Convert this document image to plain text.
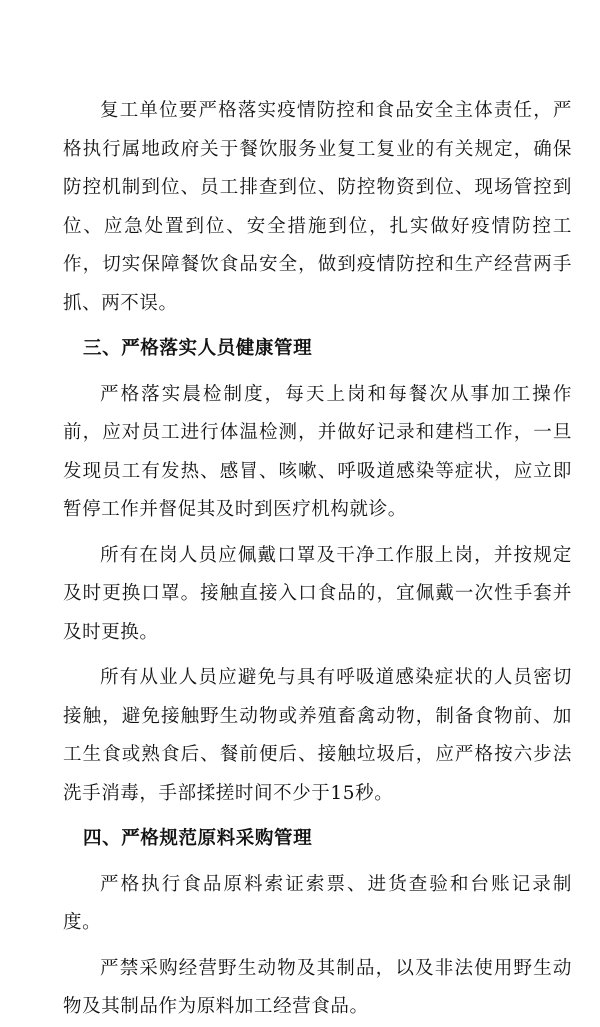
复工单位要严格落实疫情防控和食品安全主体责任，严格执行属地政府关于餐饮服务业复工复业的有关规定，确保防控机制到位、员工排查到位、防控物资到位、现场管控到位、应急处置到位、安全措施到位，扎实做好疫情防控工作，切实保障餐饮食品安全，做到疫情防控和生产经营两手抓、两不误。

三、严格落实人员健康管理

严格落实晨检制度，每天上岗和每餐次从事加工操作前，应对员工进行体温检测，并做好记录和建档工作，一旦发现员工有发热、感冒、咳嗽、呼吸道感染等症状，应立即暂停工作并督促其及时到医疗机构就诊。

所有在岗人员应佩戴口罩及干净工作服上岗，并按规定及时更换口罩。接触直接入口食品的，宜佩戴一次性手套并及时更换。

所有从业人员应避免与具有呼吸道感染症状的人员密切接触，避免接触野生动物或养殖畜禽动物，制备食物前、加工生食或熟食后、餐前便后、接触垃圾后，应严格按六步法洗手消毒，手部揉搓时间不少于15秒。

四、严格规范原料采购管理

严格执行食品原料索证索票、进货查验和台账记录制度。

严禁采购经营野生动物及其制品，以及非法使用野生动物及其制品作为原料加工经营食品。
